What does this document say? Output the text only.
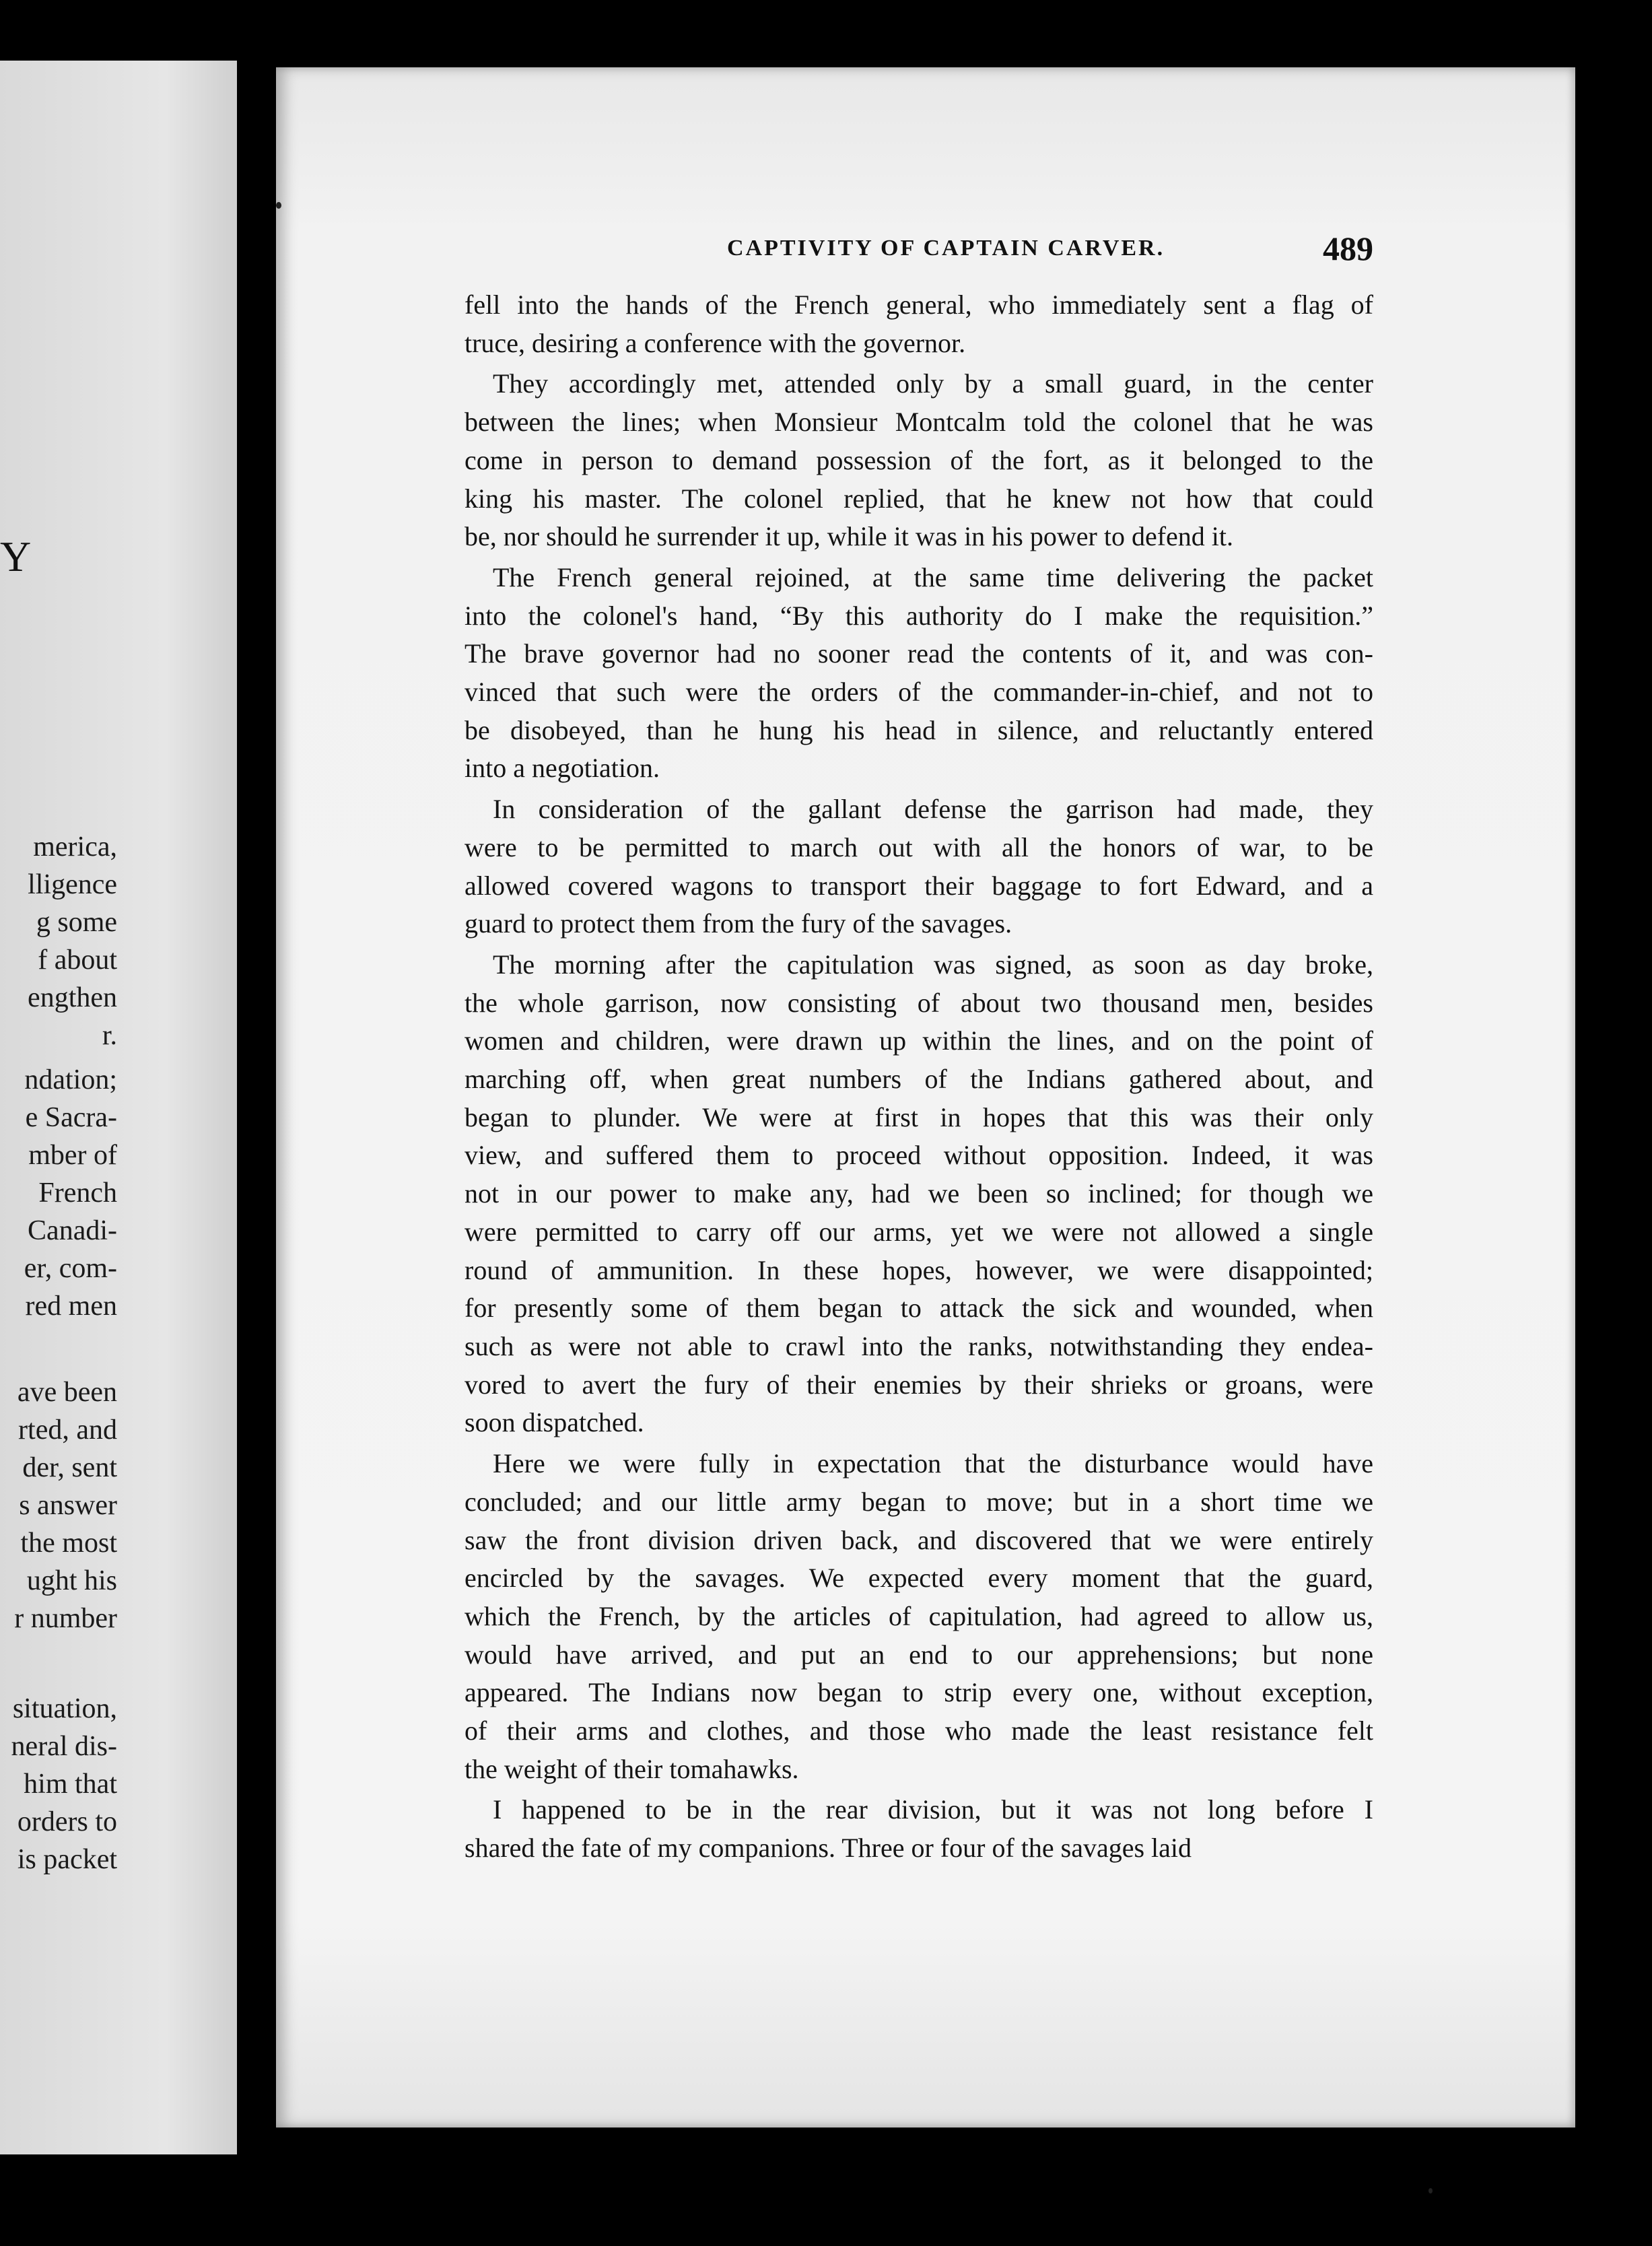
Y
merica,
lligence
g some
f about
engthen
r.
ndation;
e Sacra-
mber of
French
Canadi-
er, com-
red men
ave been
rted, and
der, sent
s answer
the most
ught his
r number
situation,
neral dis-
him that
orders to
is packet
CAPTIVITY OF CAPTAIN CARVER.	489
fell into the hands of the French general, who immediately sent a flag of
truce, desiring a conference with the governor.
They accordingly met, attended only by a small guard, in the center
between the lines; when Monsieur Montcalm told the colonel that he was
come in person to demand possession of the fort, as it belonged to the
king his master. The colonel replied, that he knew not how that could
be, nor should he surrender it up, while it was in his power to defend it.
The French general rejoined, at the same time delivering the packet
into the colonel's hand, “By this authority do I make the requisition.”
The brave governor had no sooner read the contents of it, and was con-
vinced that such were the orders of the commander-in-chief, and not to
be disobeyed, than he hung his head in silence, and reluctantly entered
into a negotiation.
In consideration of the gallant defense the garrison had made, they
were to be permitted to march out with all the honors of war, to be
allowed covered wagons to transport their baggage to fort Edward, and a
guard to protect them from the fury of the savages.
The morning after the capitulation was signed, as soon as day broke,
the whole garrison, now consisting of about two thousand men, besides
women and children, were drawn up within the lines, and on the point of
marching off, when great numbers of the Indians gathered about, and
began to plunder. We were at first in hopes that this was their only
view, and suffered them to proceed without opposition. Indeed, it was
not in our power to make any, had we been so inclined; for though we
were permitted to carry off our arms, yet we were not allowed a single
round of ammunition. In these hopes, however, we were disappointed;
for presently some of them began to attack the sick and wounded, when
such as were not able to crawl into the ranks, notwithstanding they endea-
vored to avert the fury of their enemies by their shrieks or groans, were
soon dispatched.
Here we were fully in expectation that the disturbance would have
concluded; and our little army began to move; but in a short time we
saw the front division driven back, and discovered that we were entirely
encircled by the savages. We expected every moment that the guard,
which the French, by the articles of capitulation, had agreed to allow us,
would have arrived, and put an end to our apprehensions; but none
appeared. The Indians now began to strip every one, without exception,
of their arms and clothes, and those who made the least resistance felt
the weight of their tomahawks.
I happened to be in the rear division, but it was not long before I
shared the fate of my companions. Three or four of the savages laid
